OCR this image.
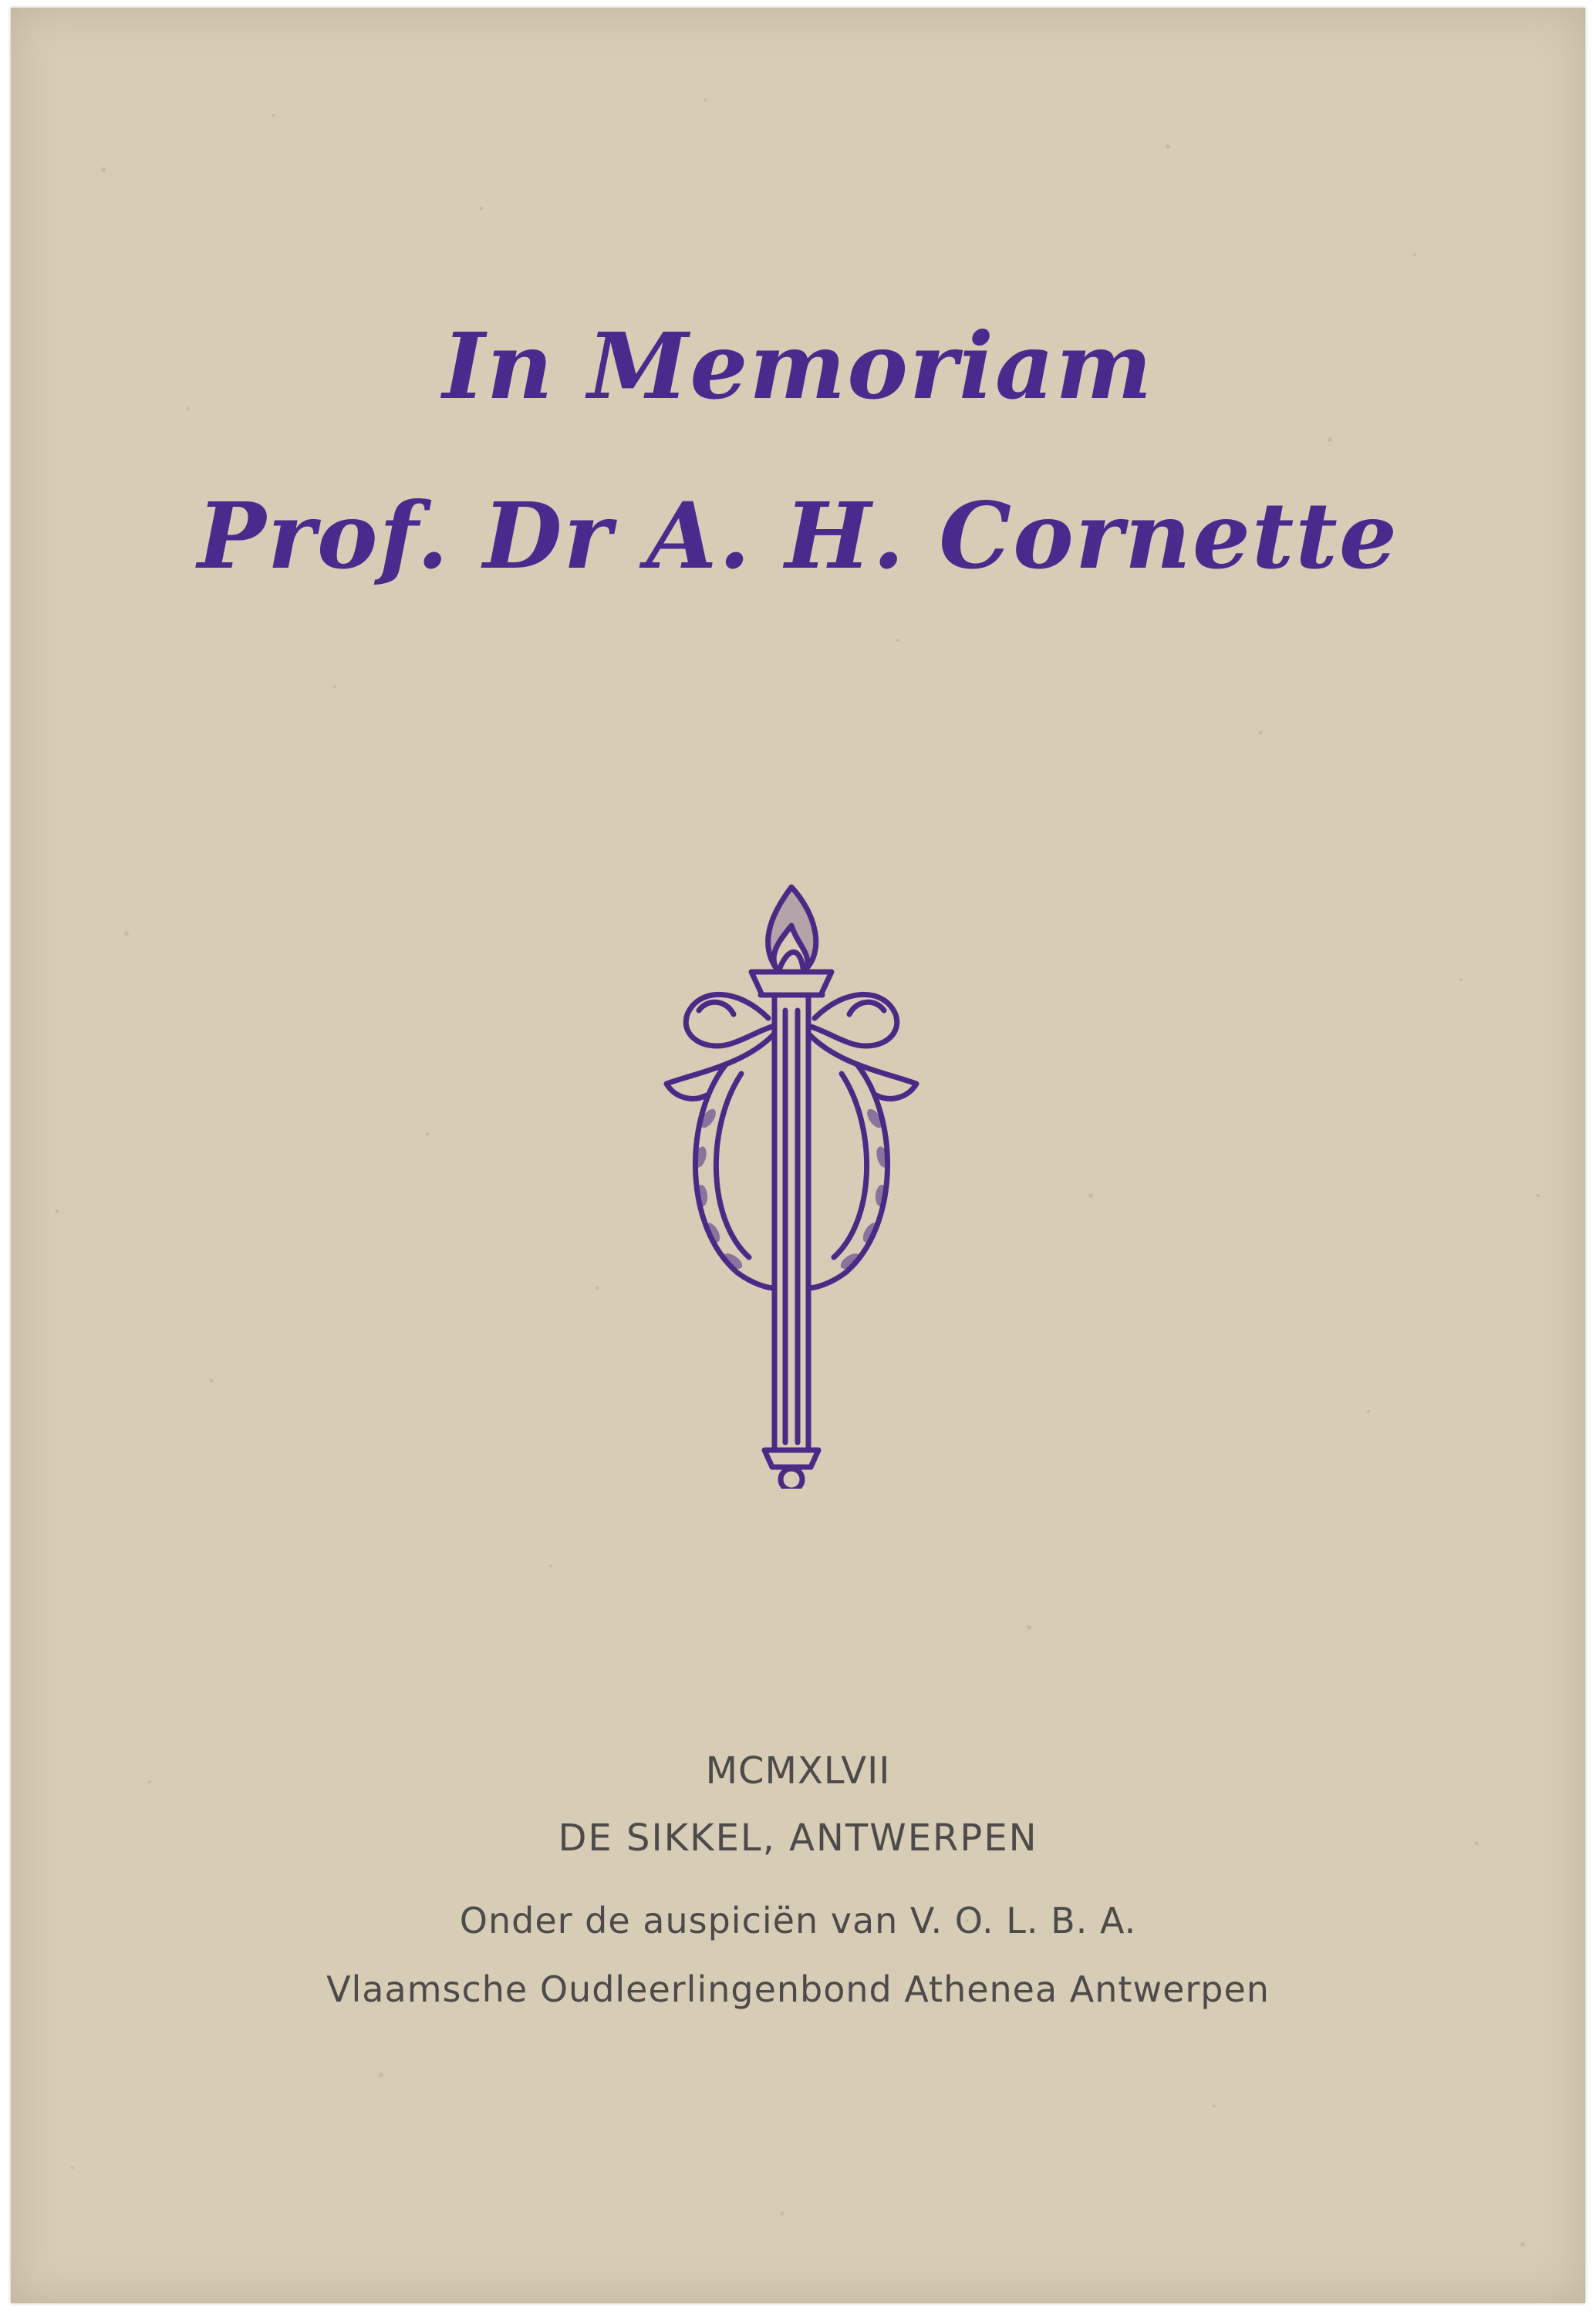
In Memoriam
Prof. Dr A. H. Cornette

MCMXLVII

DE SIKKEL, ANTWERPEN

Onder de auspiciën van V. O. L. B. A.

Vlaamsche Oudleerlingenbond Athenea Antwerpen
